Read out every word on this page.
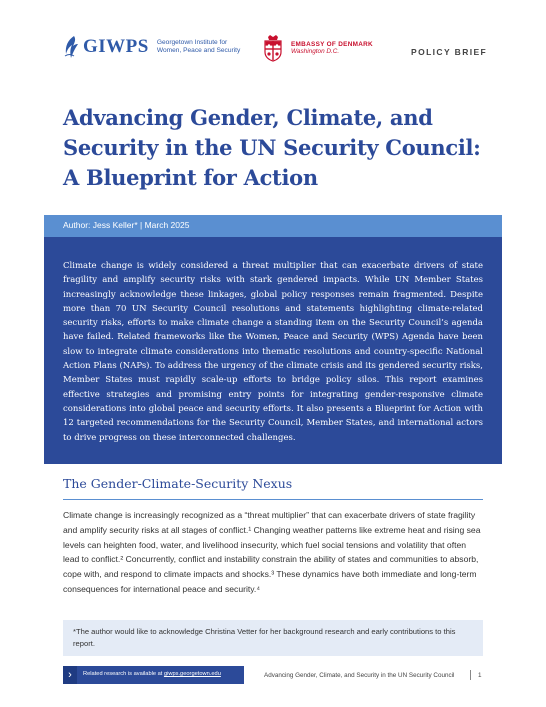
GIWPS Georgetown Institute for Women, Peace and Security
EMBASSY OF DENMARK
Washington D.C.	POLICY BRIEF
Advancing Gender, Climate, and Security in the UN Security Council: A Blueprint for Action
Author: Jess Keller* | March 2025

Climate change is widely considered a threat multiplier that can exacerbate drivers of state fragility and amplify security risks with stark gendered impacts. While UN Member States increasingly acknowledge these linkages, global policy responses remain fragmented. Despite more than 70 UN Security Council resolutions and statements highlighting climate-related security risks, efforts to make climate change a standing item on the Security Council’s agenda have failed. Related frameworks like the Women, Peace and Security (WPS) Agenda have been slow to integrate climate considerations into thematic resolutions and country-specific National Action Plans (NAPs). To address the urgency of the climate crisis and its gendered security risks, Member States must rapidly scale-up efforts to bridge policy silos. This report examines effective strategies and promising entry points for integrating gender-responsive climate considerations into global peace and security efforts. It also presents a Blueprint for Action with 12 targeted recommendations for the Security Council, Member States, and international actors to drive progress on these interconnected challenges.

The Gender-Climate-Security Nexus

Climate change is increasingly recognized as a “threat multiplier” that can exacerbate drivers of state fragility and amplify security risks at all stages of conflict.¹ Changing weather patterns like extreme heat and rising sea levels can heighten food, water, and livelihood insecurity, which fuel social tensions and volatility that often lead to conflict.² Concurrently, conflict and instability constrain the ability of states and communities to absorb, cope with, and respond to climate impacts and shocks.³ These dynamics have both immediate and long-term consequences for international peace and security.⁴

*The author would like to acknowledge Christina Vetter for her background research and early contributions to this report.

›	Related research is available at giwps.georgetown.edu	Advancing Gender, Climate, and Security in the UN Security Council	1
